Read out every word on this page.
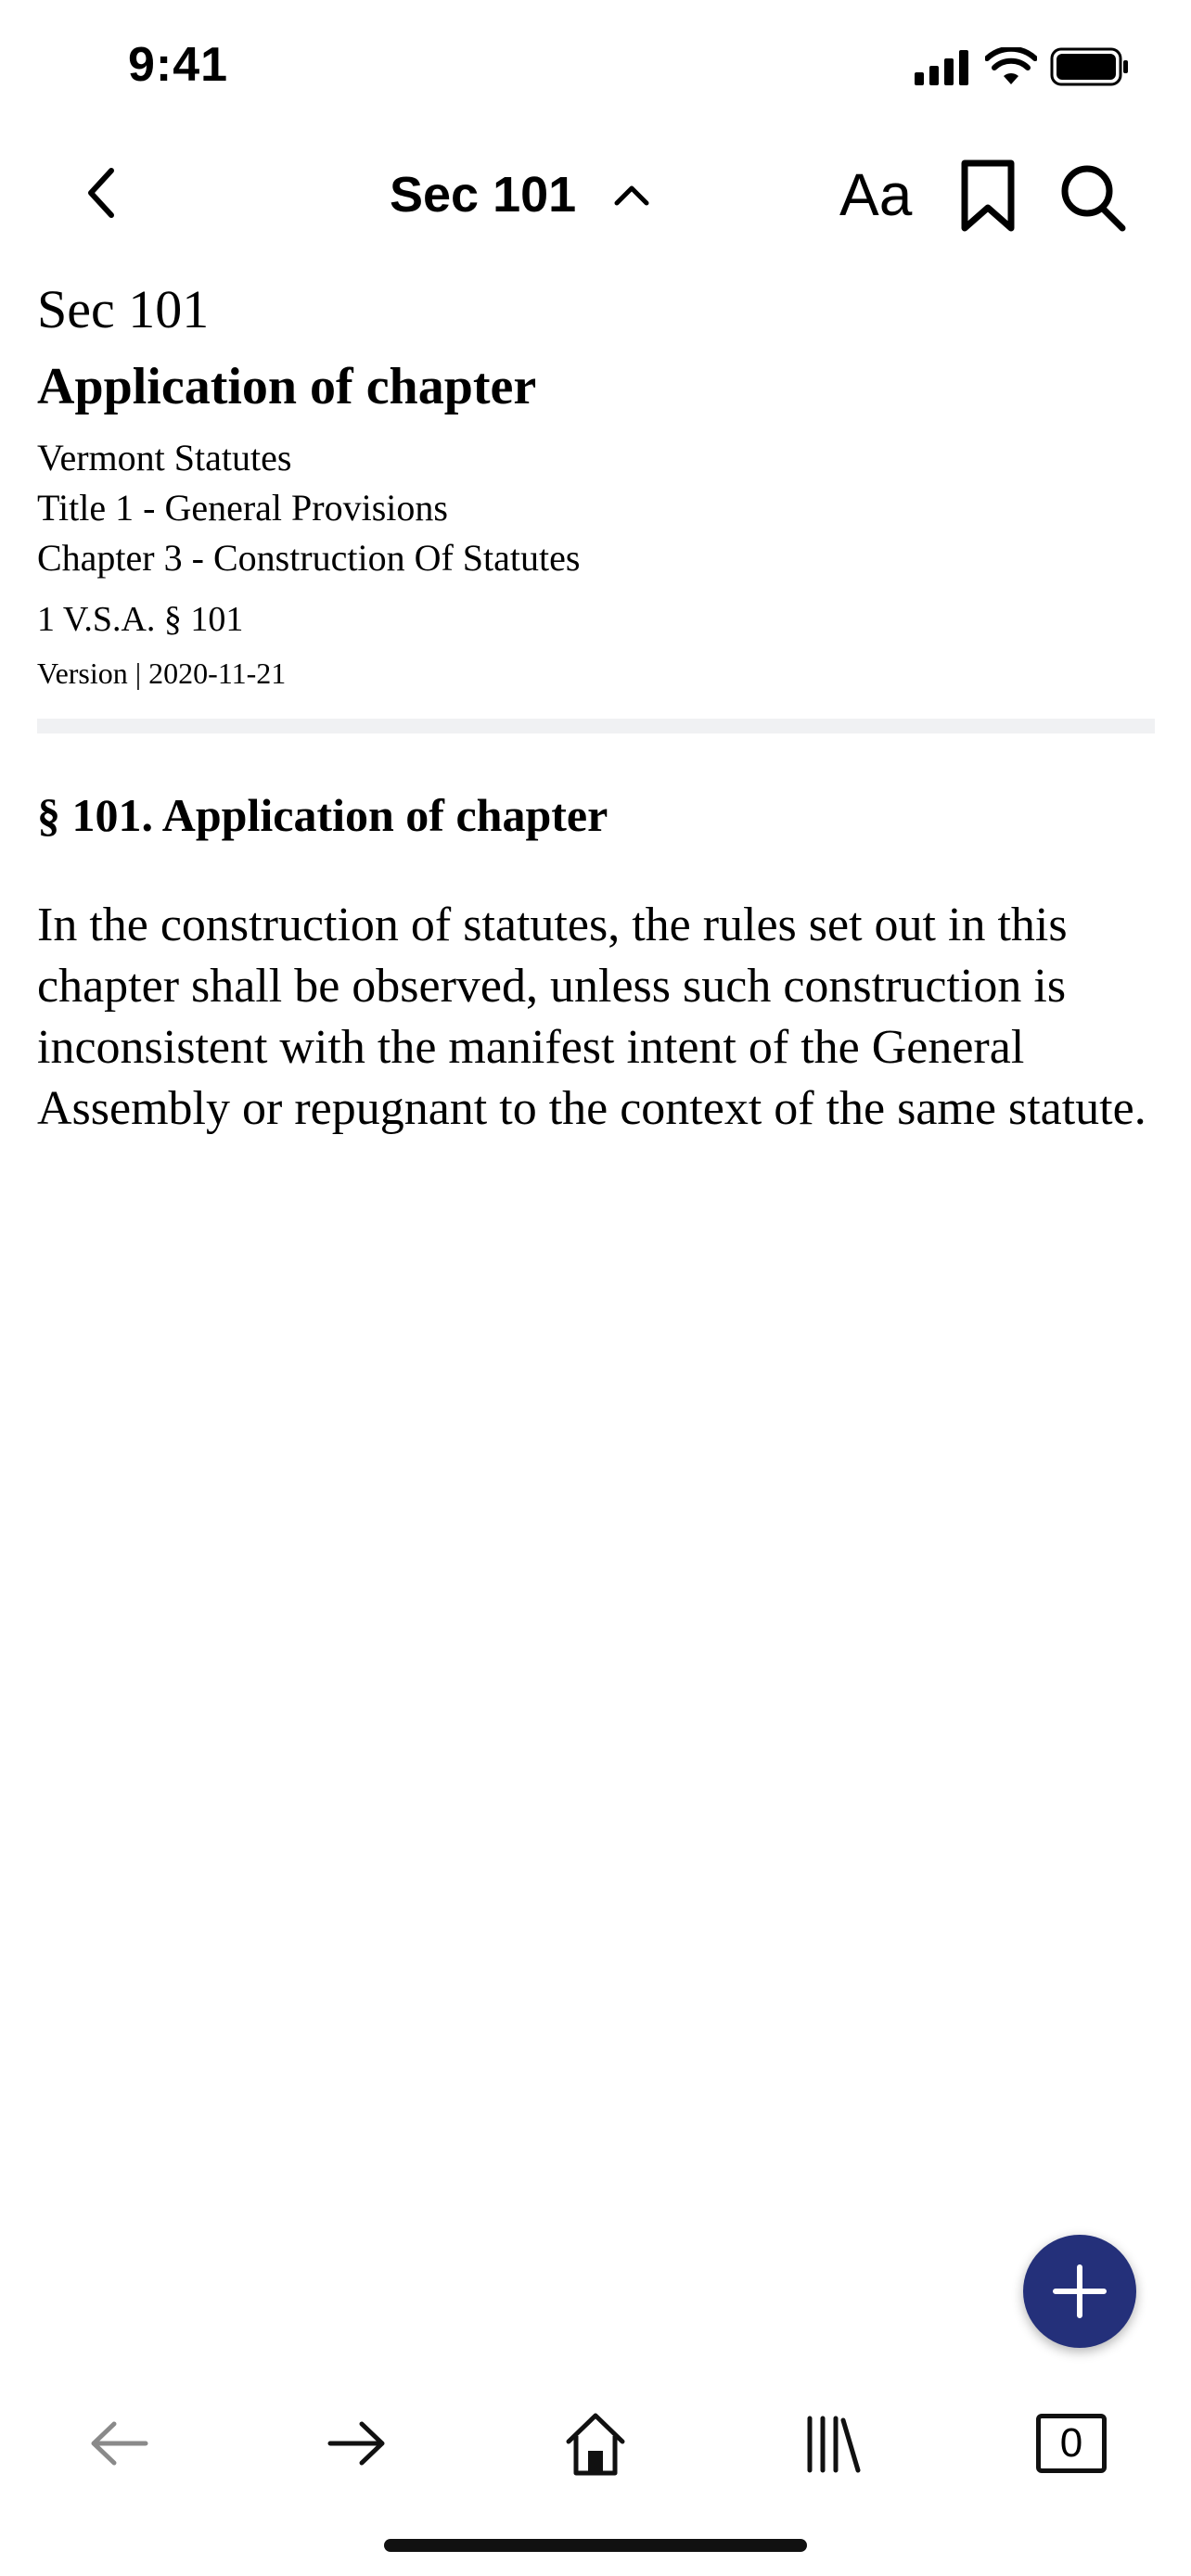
9:41
Sec 101	Aa
Sec 101
Application of chapter
Vermont Statutes
Title 1 - General Provisions
Chapter 3 - Construction Of Statutes
1 V.S.A. § 101
Version | 2020-11-21
§ 101. Application of chapter
In the construction of statutes, the rules set out in this chapter shall be observed, unless such construction is inconsistent with the manifest intent of the General Assembly or repugnant to the context of the same statute.
0
